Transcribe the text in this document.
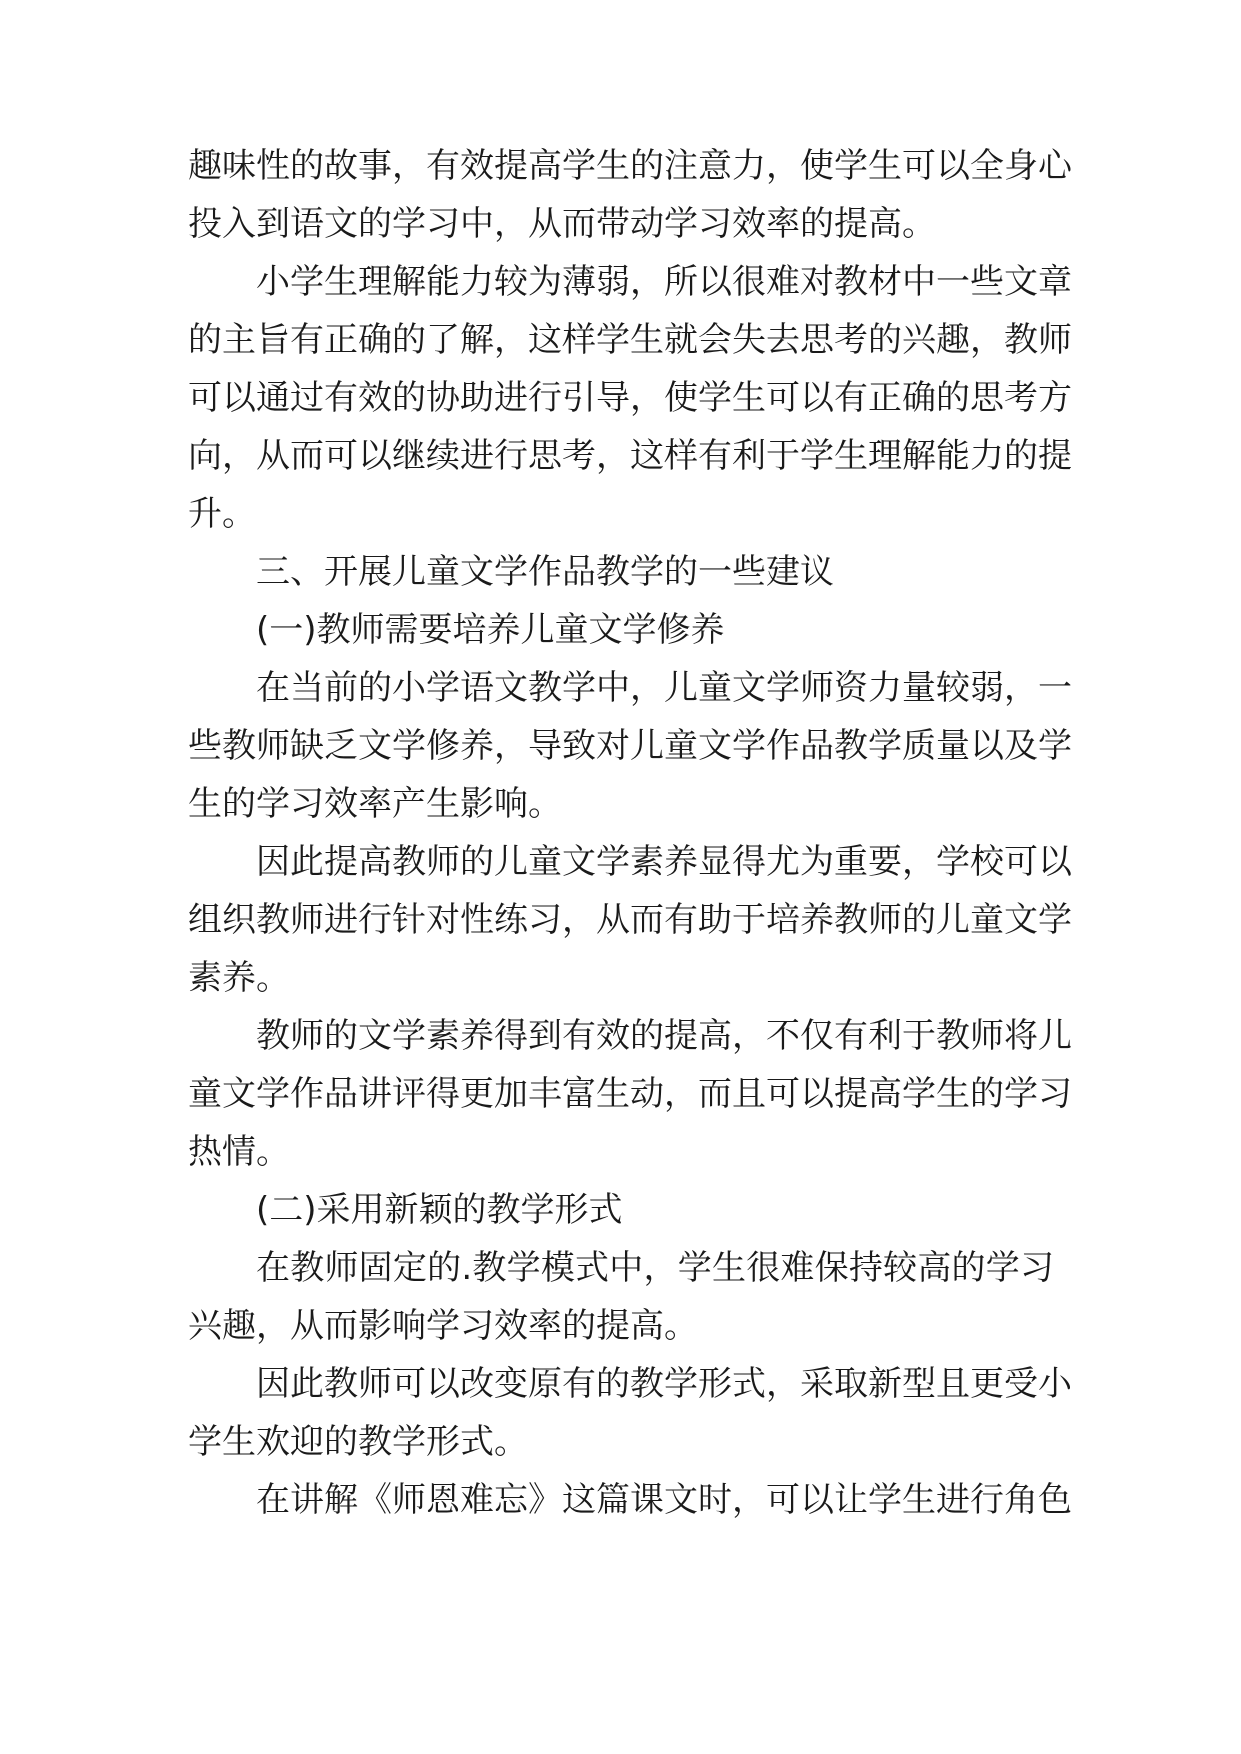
趣味性的故事，有效提高学生的注意力，使学生可以全身心
投入到语文的学习中，从而带动学习效率的提高。
小学生理解能力较为薄弱，所以很难对教材中一些文章
的主旨有正确的了解，这样学生就会失去思考的兴趣，教师
可以通过有效的协助进行引导，使学生可以有正确的思考方
向，从而可以继续进行思考，这样有利于学生理解能力的提
升。
三、开展儿童文学作品教学的一些建议
(一)教师需要培养儿童文学修养
在当前的小学语文教学中，儿童文学师资力量较弱，一
些教师缺乏文学修养，导致对儿童文学作品教学质量以及学
生的学习效率产生影响。
因此提高教师的儿童文学素养显得尤为重要，学校可以
组织教师进行针对性练习，从而有助于培养教师的儿童文学
素养。
教师的文学素养得到有效的提高，不仅有利于教师将儿
童文学作品讲评得更加丰富生动，而且可以提高学生的学习
热情。
(二)采用新颖的教学形式
在教师固定的.教学模式中，学生很难保持较高的学习
兴趣，从而影响学习效率的提高。
因此教师可以改变原有的教学形式，采取新型且更受小
学生欢迎的教学形式。
在讲解《师恩难忘》这篇课文时，可以让学生进行角色
